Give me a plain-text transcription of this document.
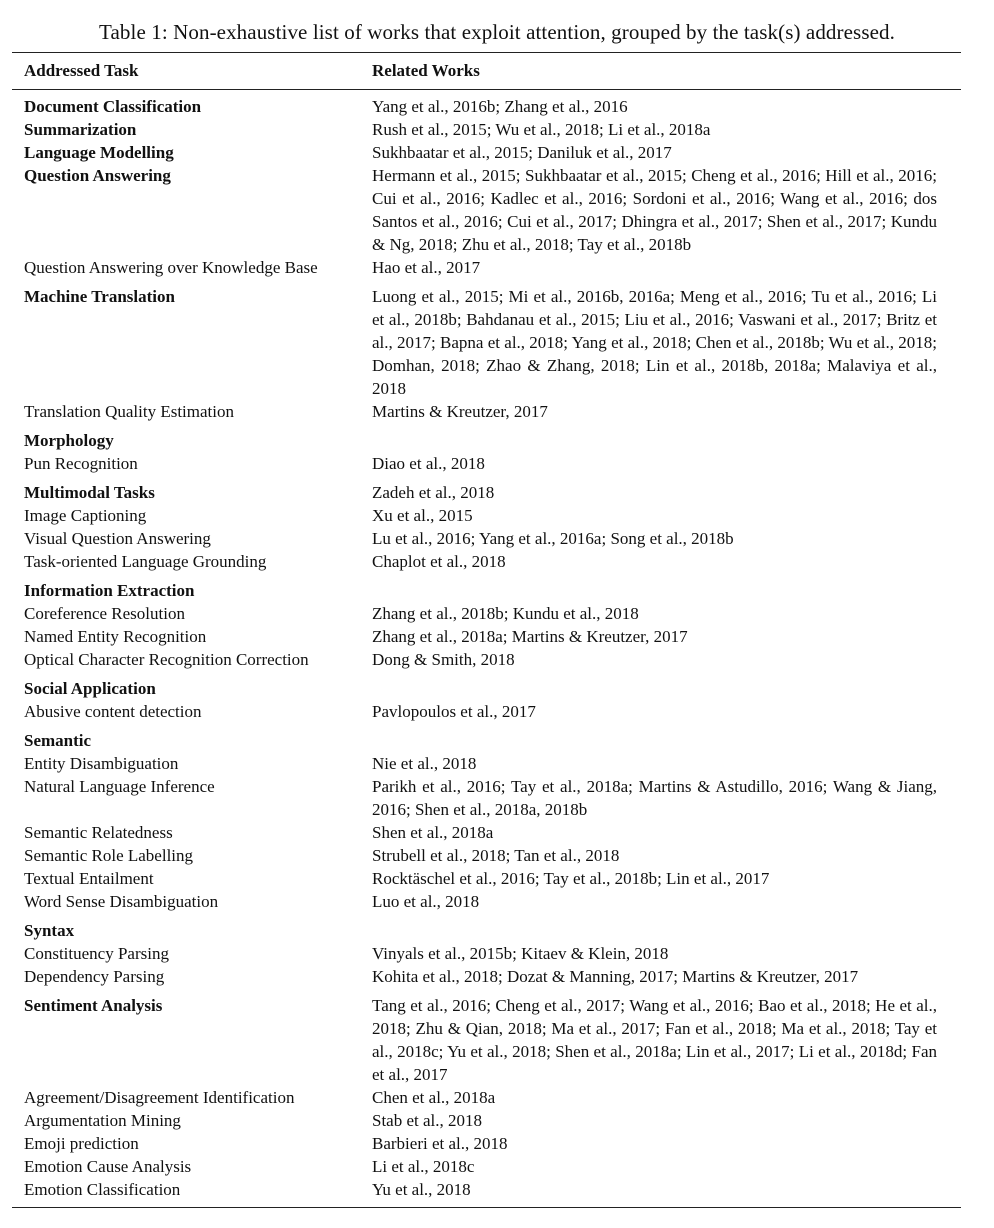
Table 1: Non-exhaustive list of works that exploit attention, grouped by the task(s) addressed.
Addressed Task	Related Works
Document Classification	Yang et al., 2016b; Zhang et al., 2016
Summarization	Rush et al., 2015; Wu et al., 2018; Li et al., 2018a
Language Modelling	Sukhbaatar et al., 2015; Daniluk et al., 2017
Question Answering	Hermann et al., 2015; Sukhbaatar et al., 2015; Cheng et al., 2016; Hill et al., 2016; Cui et al., 2016; Kadlec et al., 2016; Sordoni et al., 2016; Wang et al., 2016; dos Santos et al., 2016; Cui et al., 2017; Dhingra et al., 2017; Shen et al., 2017; Kundu & Ng, 2018; Zhu et al., 2018; Tay et al., 2018b
Question Answering over Knowledge Base	Hao et al., 2017
Machine Translation	Luong et al., 2015; Mi et al., 2016b, 2016a; Meng et al., 2016; Tu et al., 2016; Li et al., 2018b; Bahdanau et al., 2015; Liu et al., 2016; Vaswani et al., 2017; Britz et al., 2017; Bapna et al., 2018; Yang et al., 2018; Chen et al., 2018b; Wu et al., 2018; Domhan, 2018; Zhao & Zhang, 2018; Lin et al., 2018b, 2018a; Malaviya et al., 2018
Translation Quality Estimation	Martins & Kreutzer, 2017
Morphology
Pun Recognition	Diao et al., 2018
Multimodal Tasks	Zadeh et al., 2018
Image Captioning	Xu et al., 2015
Visual Question Answering	Lu et al., 2016; Yang et al., 2016a; Song et al., 2018b
Task-oriented Language Grounding	Chaplot et al., 2018
Information Extraction
Coreference Resolution	Zhang et al., 2018b; Kundu et al., 2018
Named Entity Recognition	Zhang et al., 2018a; Martins & Kreutzer, 2017
Optical Character Recognition Correction	Dong & Smith, 2018
Social Application
Abusive content detection	Pavlopoulos et al., 2017
Semantic
Entity Disambiguation	Nie et al., 2018
Natural Language Inference	Parikh et al., 2016; Tay et al., 2018a; Martins & Astudillo, 2016; Wang & Jiang, 2016; Shen et al., 2018a, 2018b
Semantic Relatedness	Shen et al., 2018a
Semantic Role Labelling	Strubell et al., 2018; Tan et al., 2018
Textual Entailment	Rocktäschel et al., 2016; Tay et al., 2018b; Lin et al., 2017
Word Sense Disambiguation	Luo et al., 2018
Syntax
Constituency Parsing	Vinyals et al., 2015b; Kitaev & Klein, 2018
Dependency Parsing	Kohita et al., 2018; Dozat & Manning, 2017; Martins & Kreutzer, 2017
Sentiment Analysis	Tang et al., 2016; Cheng et al., 2017; Wang et al., 2016; Bao et al., 2018; He et al., 2018; Zhu & Qian, 2018; Ma et al., 2017; Fan et al., 2018; Ma et al., 2018; Tay et al., 2018c; Yu et al., 2018; Shen et al., 2018a; Lin et al., 2017; Li et al., 2018d; Fan et al., 2017
Agreement/Disagreement Identification	Chen et al., 2018a
Argumentation Mining	Stab et al., 2018
Emoji prediction	Barbieri et al., 2018
Emotion Cause Analysis	Li et al., 2018c
Emotion Classification	Yu et al., 2018
